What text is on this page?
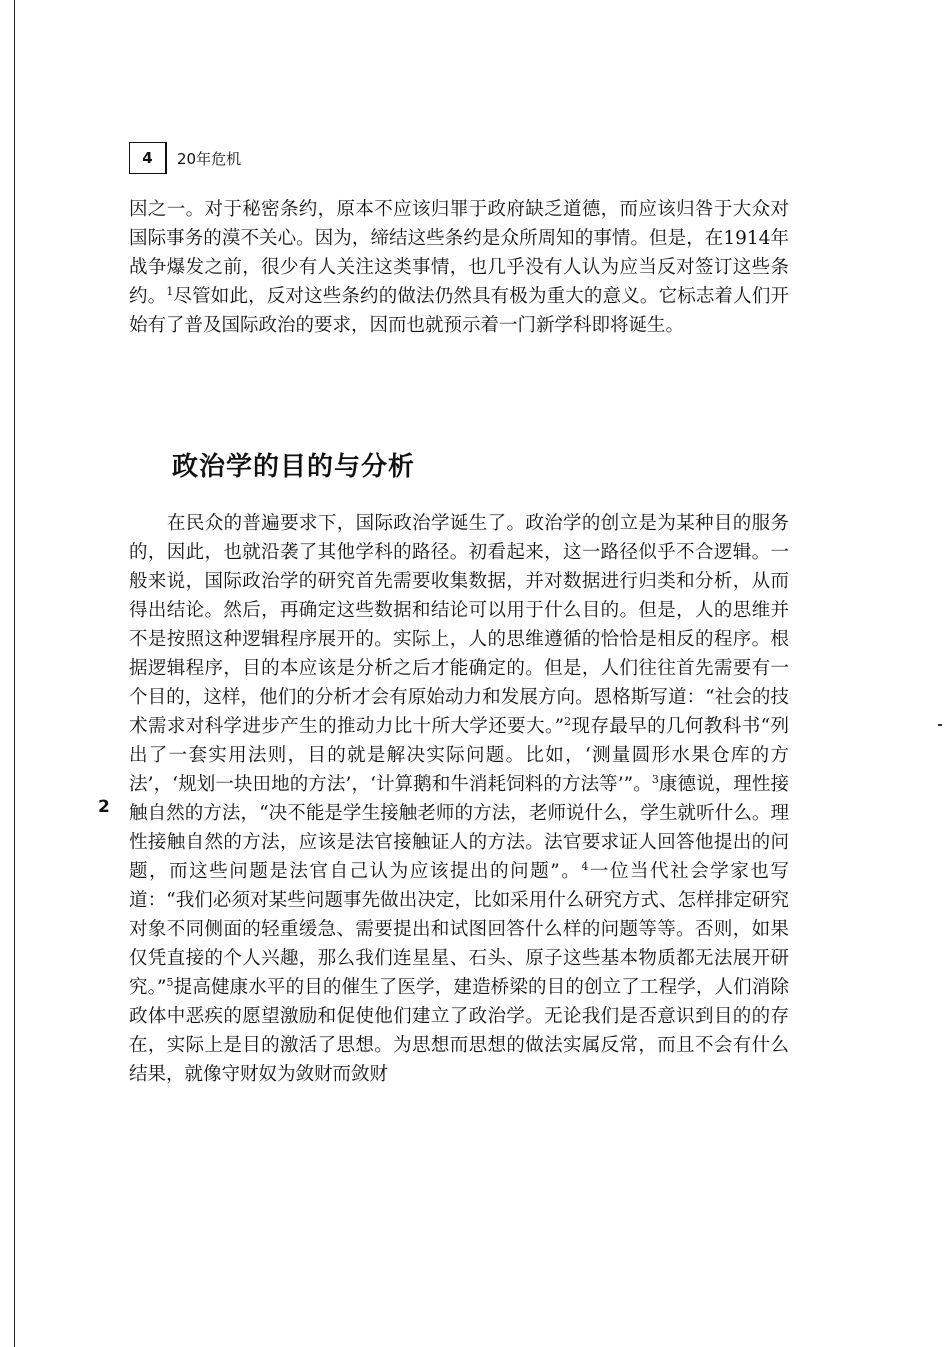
4	20年危机

因之一。对于秘密条约，原本不应该归罪于政府缺乏道德，而应该归咎于大众对国际事务的漠不关心。因为，缔结这些条约是众所周知的事情。但是，在1914年战争爆发之前，很少有人关注这类事情，也几乎没有人认为应当反对签订这些条约。$^1$尽管如此，反对这些条约的做法仍然具有极为重大的意义。它标志着人们开始有了普及国际政治的要求，因而也就预示着一门新学科即将诞生。

政治学的目的与分析

在民众的普遍要求下，国际政治学诞生了。政治学的创立是为某种目的服务的，因此，也就沿袭了其他学科的路径。初看起来，这一路径似乎不合逻辑。一般来说，国际政治学的研究首先需要收集数据，并对数据进行归类和分析，从而得出结论。然后，再确定这些数据和结论可以用于什么目的。但是，人的思维并不是按照这种逻辑程序展开的。实际上，人的思维遵循的恰恰是相反的程序。根据逻辑程序，目的本应该是分析之后才能确定的。但是，人们往往首先需要有一个目的，这样，他们的分析才会有原始动力和发展方向。恩格斯写道：“社会的技术需求对科学进步产生的推动力比十所大学还要大。”$^2$现存最早的几何教科书“列出了一套实用法则，目的就是解决实际问题。比如，‘测量圆形水果仓库的方法’，‘规划一块田地的方法’，‘计算鹅和牛消耗饲料的方法等’”。$^3$康德说，理性接触自然的方法，“决不能是学生接触老师的方法，老师说什么，学生就听什么。理性接触自然的方法，应该是法官接触证人的方法。法官要求证人回答他提出的问题，而这些问题是法官自己认为应该提出的问题”。$^4$一位当代社会学家也写道：“我们必须对某些问题事先做出决定，比如采用什么研究方式、怎样排定研究对象不同侧面的轻重缓急、需要提出和试图回答什么样的问题等等。否则，如果仅凭直接的个人兴趣，那么我们连星星、石头、原子这些基本物质都无法展开研究。”$^5$提高健康水平的目的催生了医学，建造桥梁的目的创立了工程学，人们消除政体中恶疾的愿望激励和促使他们建立了政治学。无论我们是否意识到目的的存在，实际上是目的激活了思想。为思想而思想的做法实属反常，而且不会有什么结果，就像守财奴为敛财而敛财

2
